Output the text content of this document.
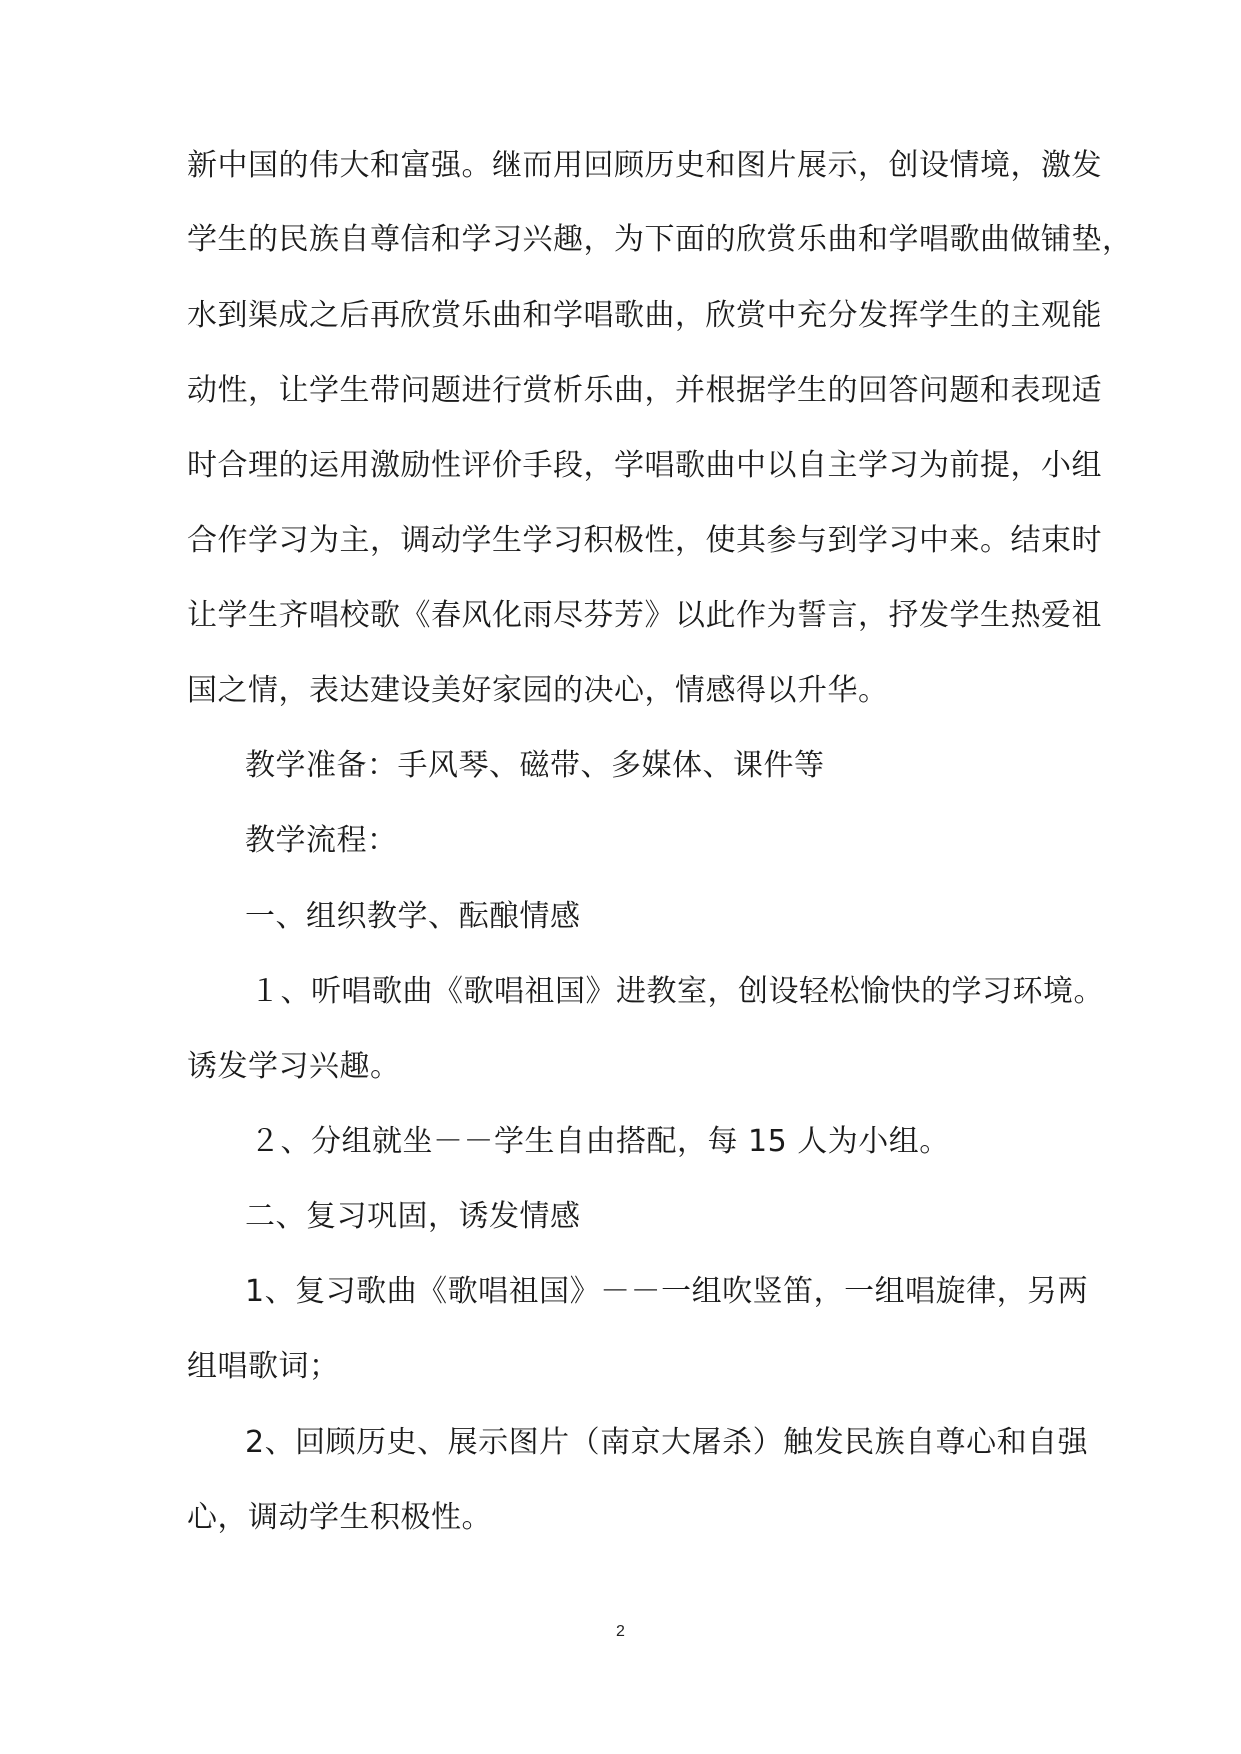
新中国的伟大和富强。继而用回顾历史和图片展示，创设情境，激发
学生的民族自尊信和学习兴趣，为下面的欣赏乐曲和学唱歌曲做铺垫，
水到渠成之后再欣赏乐曲和学唱歌曲，欣赏中充分发挥学生的主观能
动性，让学生带问题进行赏析乐曲，并根据学生的回答问题和表现适
时合理的运用激励性评价手段，学唱歌曲中以自主学习为前提，小组
合作学习为主，调动学生学习积极性，使其参与到学习中来。结束时
让学生齐唱校歌《春风化雨尽芬芳》以此作为誓言，抒发学生热爱祖
国之情，表达建设美好家园的决心，情感得以升华。
教学准备：手风琴、磁带、多媒体、课件等
教学流程：
一、组织教学、酝酿情感
１、听唱歌曲《歌唱祖国》进教室，创设轻松愉快的学习环境。
诱发学习兴趣。
２、分组就坐－－学生自由搭配，每 15 人为小组。
二、复习巩固，诱发情感
1、复习歌曲《歌唱祖国》－－一组吹竖笛，一组唱旋律，另两
组唱歌词；
2、回顾历史、展示图片（南京大屠杀）触发民族自尊心和自强
心，调动学生积极性。
2
